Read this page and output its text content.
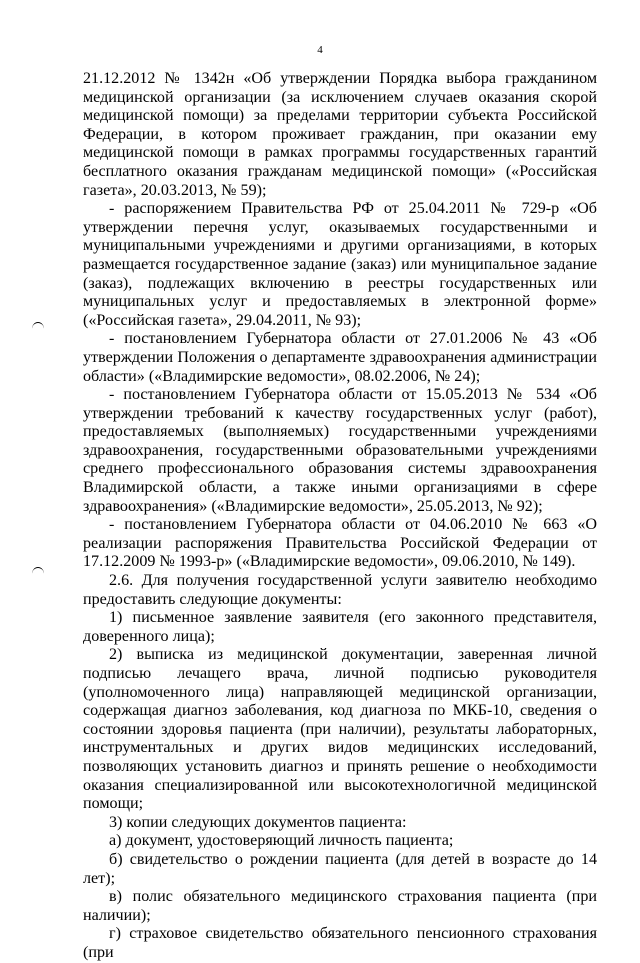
4

21.12.2012 № 1342н «Об утверждении Порядка выбора гражданином медицинской организации (за исключением случаев оказания скорой медицинской помощи) за пределами территории субъекта Российской Федерации, в котором проживает гражданин, при оказании ему медицинской помощи в рамках программы государственных гарантий бесплатного оказания гражданам медицинской помощи» («Российская газета», 20.03.2013, № 59);

- распоряжением Правительства РФ от 25.04.2011 № 729-р «Об утверждении перечня услуг, оказываемых государственными и муниципальными учреждениями и другими организациями, в которых размещается государственное задание (заказ) или муниципальное задание (заказ), подлежащих включению в реестры государственных или муниципальных услуг и предоставляемых в электронной форме» («Российская газета», 29.04.2011, № 93);

- постановлением Губернатора области от 27.01.2006 № 43 «Об утверждении Положения о департаменте здравоохранения администрации области» («Владимирские ведомости», 08.02.2006, № 24);

- постановлением Губернатора области от 15.05.2013 № 534 «Об утверждении требований к качеству государственных услуг (работ), предоставляемых (выполняемых) государственными учреждениями здравоохранения, государственными образовательными учреждениями среднего профессионального образования системы здравоохранения Владимирской области, а также иными организациями в сфере здравоохранения» («Владимирские ведомости», 25.05.2013, № 92);

- постановлением Губернатора области от 04.06.2010 № 663 «О реализации распоряжения Правительства Российской Федерации от 17.12.2009 № 1993-р» («Владимирские ведомости», 09.06.2010, № 149).

2.6. Для получения государственной услуги заявителю необходимо предоставить следующие документы:

1) письменное заявление заявителя (его законного представителя, доверенного лица);

2) выписка из медицинской документации, заверенная личной подписью лечащего врача, личной подписью руководителя (уполномоченного лица) направляющей медицинской организации, содержащая диагноз заболевания, код диагноза по МКБ-10, сведения о состоянии здоровья пациента (при наличии), результаты лабораторных, инструментальных и других видов медицинских исследований, позволяющих установить диагноз и принять решение о необходимости оказания специализированной или высокотехнологичной медицинской помощи;

3) копии следующих документов пациента:

а) документ, удостоверяющий личность пациента;

б) свидетельство о рождении пациента (для детей в возрасте до 14 лет);

в) полис обязательного медицинского страхования пациента (при наличии);

г) страховое свидетельство обязательного пенсионного страхования (при
